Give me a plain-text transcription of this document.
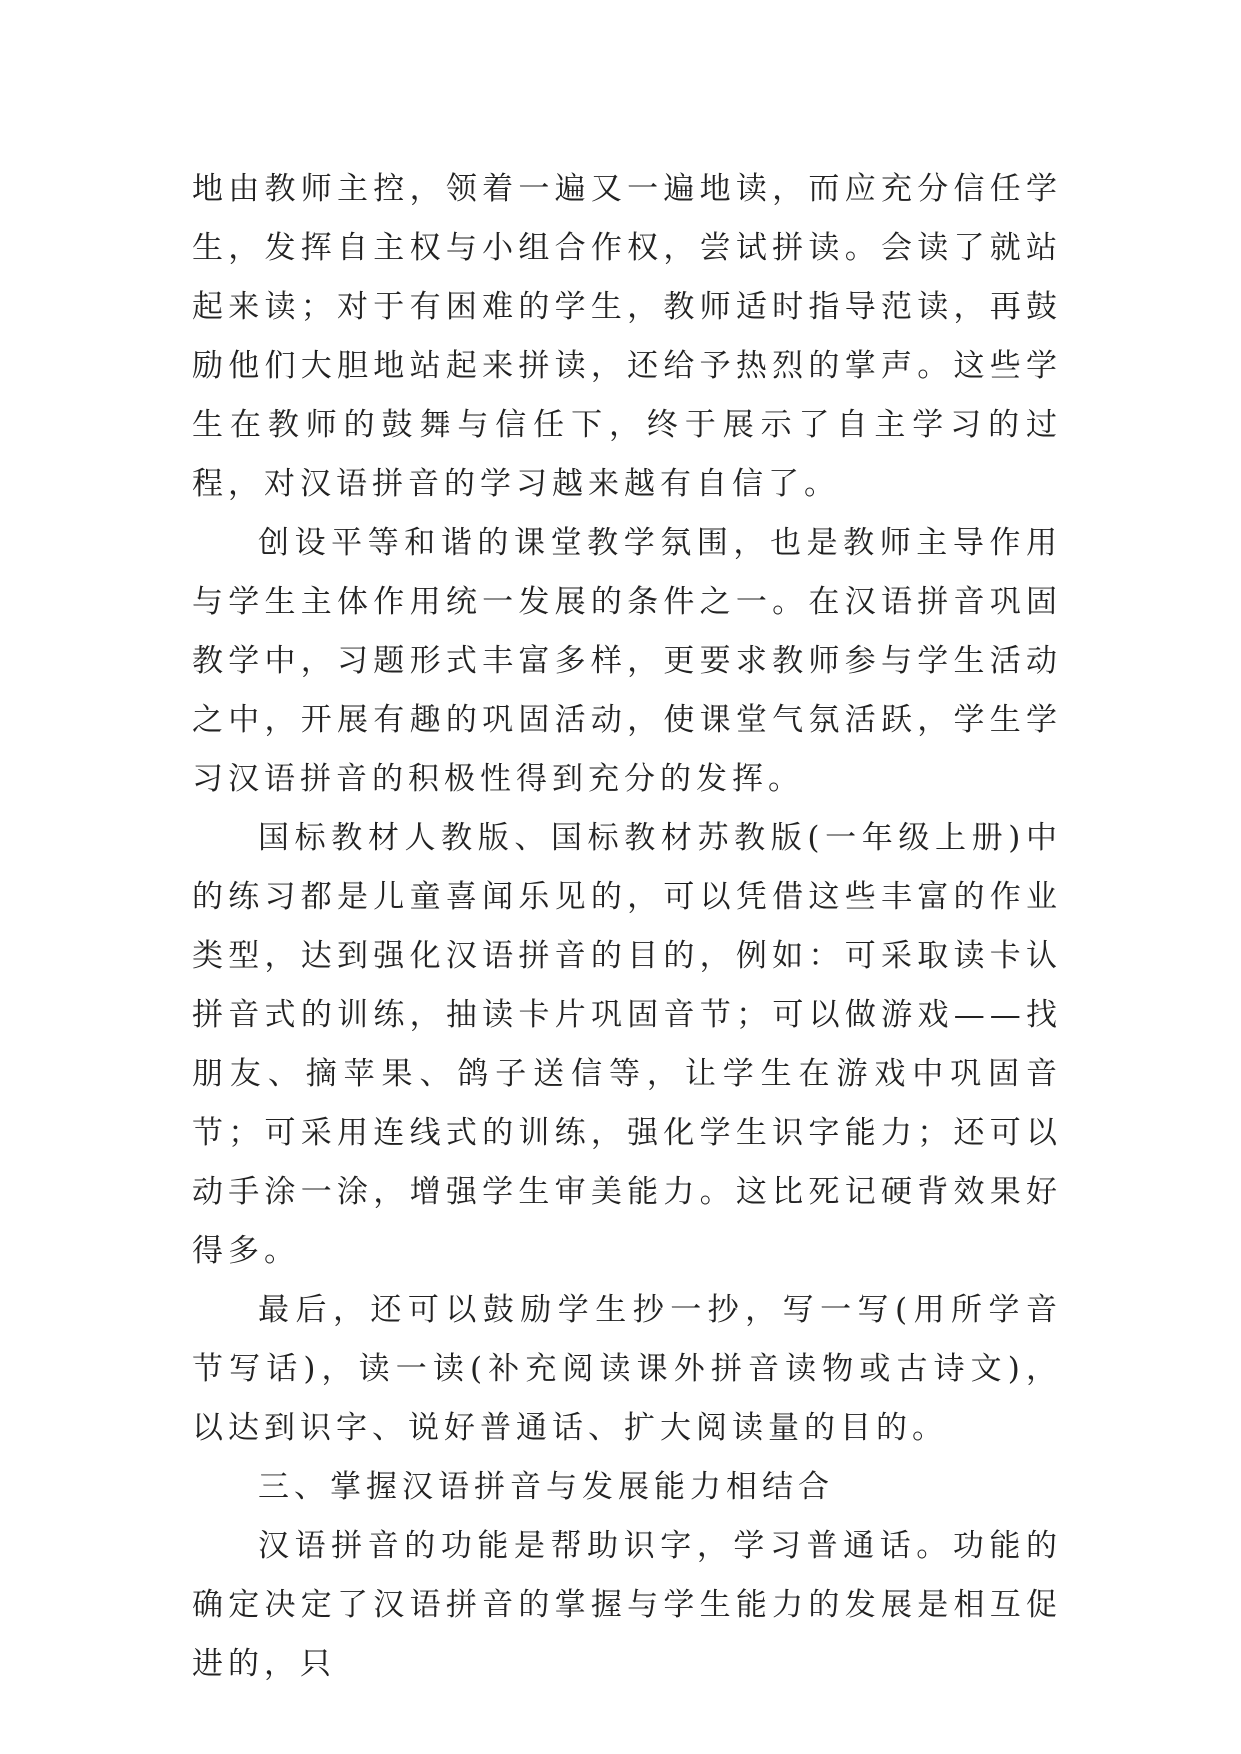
地由教师主控，领着一遍又一遍地读，而应充分信任学生，发挥自主权与小组合作权，尝试拼读。会读了就站起来读；对于有困难的学生，教师适时指导范读，再鼓励他们大胆地站起来拼读，还给予热烈的掌声。这些学生在教师的鼓舞与信任下，终于展示了自主学习的过程，对汉语拼音的学习越来越有自信了。

创设平等和谐的课堂教学氛围，也是教师主导作用与学生主体作用统一发展的条件之一。在汉语拼音巩固教学中，习题形式丰富多样，更要求教师参与学生活动之中，开展有趣的巩固活动，使课堂气氛活跃，学生学习汉语拼音的积极性得到充分的发挥。

国标教材人教版、国标教材苏教版(一年级上册)中的练习都是儿童喜闻乐见的，可以凭借这些丰富的作业类型，达到强化汉语拼音的目的，例如：可采取读卡认拼音式的训练，抽读卡片巩固音节；可以做游戏——找朋友、摘苹果、鸽子送信等，让学生在游戏中巩固音节；可采用连线式的训练，强化学生识字能力；还可以动手涂一涂，增强学生审美能力。这比死记硬背效果好得多。

最后，还可以鼓励学生抄一抄，写一写(用所学音节写话)，读一读(补充阅读课外拼音读物或古诗文)，以达到识字、说好普通话、扩大阅读量的目的。

三、掌握汉语拼音与发展能力相结合

汉语拼音的功能是帮助识字，学习普通话。功能的确定决定了汉语拼音的掌握与学生能力的发展是相互促进的，只
